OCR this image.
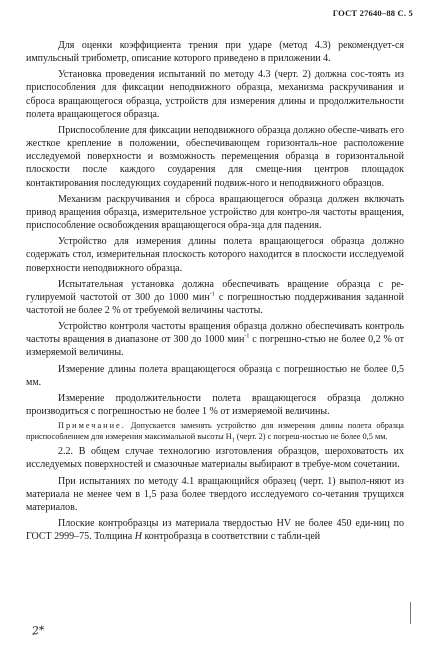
ГОСТ 27640–88 С. 5

Для оценки коэффициента трения при ударе (метод 4.3) рекомендует-ся импульсный трибометр, описание которого приведено в приложении 4.

Установка проведения испытаний по методу 4.3 (черт. 2) должна сос-тоять из приспособления для фиксации неподвижного образца, механизма раскручивания и сброса вращающегося образца, устройств для измерения длины и продолжительности полета вращающегося образца.

Приспособление для фиксации неподвижного образца должно обеспе-чивать его жесткое крепление в положении, обеспечивающем горизонталь-ное расположение исследуемой поверхности и возможность перемещения образца в горизонтальной плоскости после каждого соударения для смеще-ния центров площадок контактирования последующих соударений подвиж-ного и неподвижного образцов.

Механизм раскручивания и сброса вращающегося образца должен включать привод вращения образца, измерительное устройство для контро-ля частоты вращения, приспособление освобождения вращающегося обра-зца для падения.

Устройство для измерения длины полета вращающегося образца должно содержать стол, измерительная плоскость которого находится в плоскости исследуемой поверхности неподвижного образца.

Испытательная установка должна обеспечивать вращение образца с ре-гулируемой частотой от 300 до 1000 мин$^{-1}$ с погрешностью поддерживания заданной частотой не более 2 % от требуемой величины частоты.

Устройство контроля частоты вращения образца должно обеспечивать контроль частоты вращения в диапазоне от 300 до 1000 мин$^{-1}$ с погрешно-стью не более 0,2 % от измеряемой величины.

Измерение длины полета вращающегося образца с погрешностью не более 0,5 мм.

Измерение продолжительности полета вращающегося образца должно производиться с погрешностью не более 1 % от измеряемой величины.

Примечание. Допускается заменять устройство для измерения длины полета образца приспособлением для измерения максимальной высоты $H_1$ (черт. 2) с погреш-ностью не более 0,5 мм.

2.2. В общем случае технологию изготовления образцов, шероховатость их исследуемых поверхностей и смазочные материалы выбирают в требуе-мом сочетании.

При испытаниях по методу 4.1 вращающийся образец (черт. 1) выпол-няют из материала не менее чем в 1,5 раза более твердого исследуемого со-четания трущихся материалов.

Плоские контробразцы из материала твердостью HV не более 450 еди-ниц по ГОСТ 2999–75. Толщина H контробразца в соответствии с табли-цей

2*
